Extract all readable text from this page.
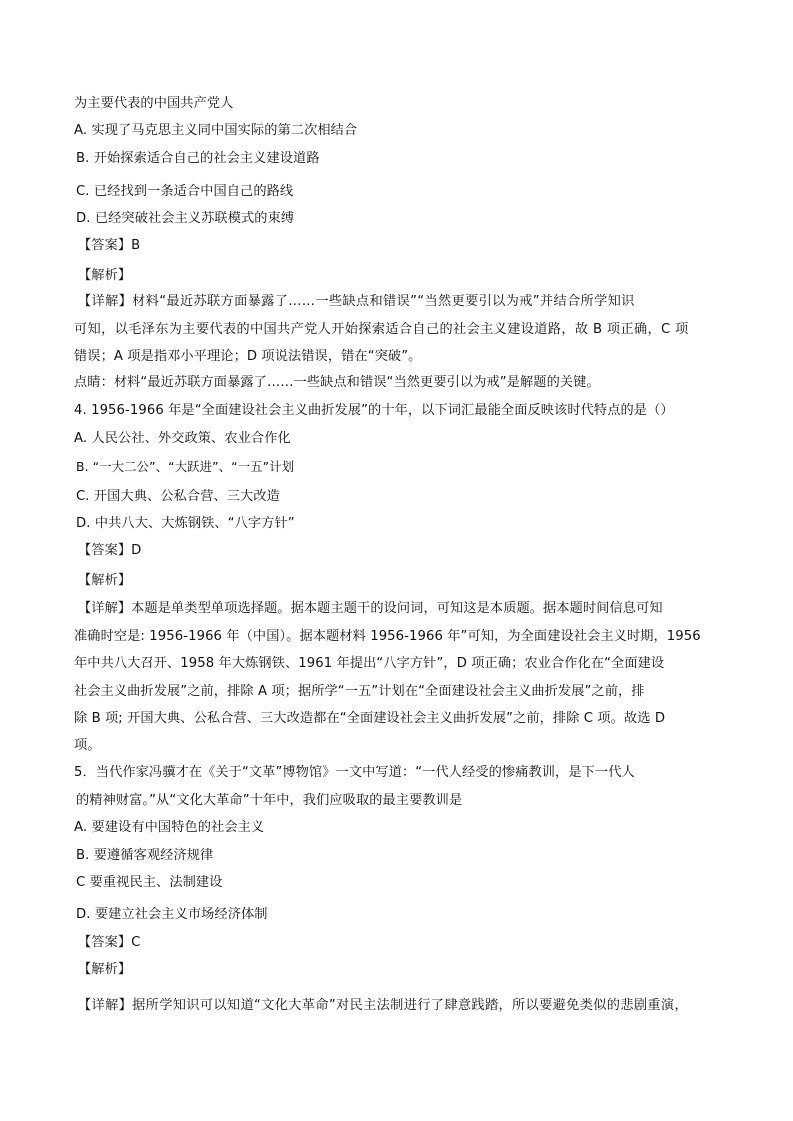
为主要代表的中国共产党人
A. 实现了马克思主义同中国实际的第二次相结合
B. 开始探索适合自己的社会主义建设道路
C. 已经找到一条适合中国自己的路线
D. 已经突破社会主义苏联模式的束缚
【答案】B
【解析】
【详解】材料“最近苏联方面暴露了……一些缺点和错误”“当然更要引以为戒”并结合所学知识
可知，以毛泽东为主要代表的中国共产党人开始探索适合自己的社会主义建设道路，故 B 项正确，C 项
错误；A 项是指邓小平理论；D 项说法错误，错在“突破”。
点睛：材料“最近苏联方面暴露了……一些缺点和错误“当然更要引以为戒”是解题的关键。
4. 1956-1966 年是“全面建设社会主义曲折发展”的十年，以下词汇最能全面反映该时代特点的是（）
A. 人民公社、外交政策、农业合作化
B. “一大二公”、“大跃进”、“一五”计划
C. 开国大典、公私合营、三大改造
D. 中共八大、大炼钢铁、“八字方针”
【答案】D
【解析】
【详解】本题是单类型单项选择题。据本题主题干的设问词，可知这是本质题。据本题时间信息可知
准确时空是: 1956-1966 年（中国）。据本题材料 1956-1966 年”可知，为全面建设社会主义时期，1956
年中共八大召开、1958 年大炼钢铁、1961 年提出“八字方针”，D 项正确；农业合作化在“全面建设
社会主义曲折发展”之前，排除 A 项；据所学“一五”计划在“全面建设社会主义曲折发展”之前，排
除 B 项; 开国大典、公私合营、三大改造都在“全面建设社会主义曲折发展”之前，排除 C 项。故选 D
项。
5．当代作家冯骥才在《关于“文革”博物馆》一文中写道：“一代人经受的惨痛教训，是下一代人
的精神财富。”从“文化大革命”十年中，我们应吸取的最主要教训是
A. 要建设有中国特色的社会主义
B. 要遵循客观经济规律
C 要重视民主、法制建设
D. 要建立社会主义市场经济体制
【答案】C
【解析】
【详解】据所学知识可以知道“文化大革命”对民主法制进行了肆意践踏，所以要避免类似的悲剧重演，
